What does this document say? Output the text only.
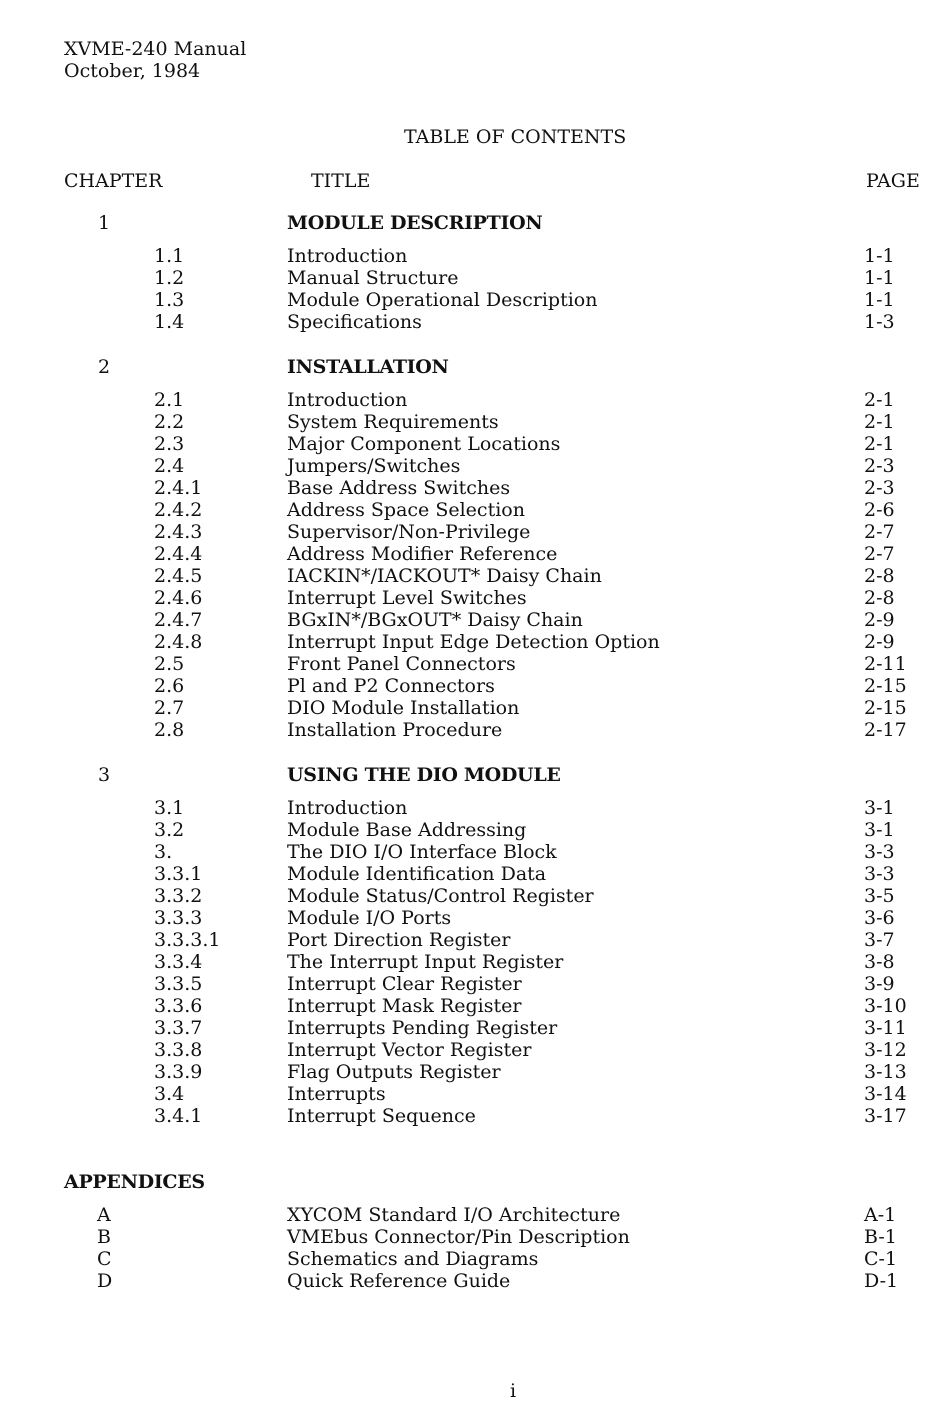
XVME-240 Manual
October, 1984
TABLE OF CONTENTS
CHAPTER	TITLE	PAGE
1	MODULE DESCRIPTION
1.1	Introduction	1-1
1.2	Manual Structure	1-1
1.3	Module Operational Description	1-1
1.4	Specifications	1-3
2	INSTALLATION
2.1	Introduction	2-1
2.2	System Requirements	2-1
2.3	Major Component Locations	2-1
2.4	Jumpers/Switches	2-3
2.4.1	Base Address Switches	2-3
2.4.2	Address Space Selection	2-6
2.4.3	Supervisor/Non-Privilege	2-7
2.4.4	Address Modifier Reference	2-7
2.4.5	IACKIN*/IACKOUT* Daisy Chain	2-8
2.4.6	Interrupt Level Switches	2-8
2.4.7	BGxIN*/BGxOUT* Daisy Chain	2-9
2.4.8	Interrupt Input Edge Detection Option	2-9
2.5	Front Panel Connectors	2-11
2.6	Pl and P2 Connectors	2-15
2.7	DIO Module Installation	2-15
2.8	Installation Procedure	2-17
3	USING THE DIO MODULE
3.1	Introduction	3-1
3.2	Module Base Addressing	3-1
3.	The DIO I/O Interface Block	3-3
3.3.1	Module Identification Data	3-3
3.3.2	Module Status/Control Register	3-5
3.3.3	Module I/O Ports	3-6
3.3.3.1	Port Direction Register	3-7
3.3.4	The Interrupt Input Register	3-8
3.3.5	Interrupt Clear Register	3-9
3.3.6	Interrupt Mask Register	3-10
3.3.7	Interrupts Pending Register	3-11
3.3.8	Interrupt Vector Register	3-12
3.3.9	Flag Outputs Register	3-13
3.4	Interrupts	3-14
3.4.1	Interrupt Sequence	3-17
APPENDICES
A	XYCOM Standard I/O Architecture	A-1
B	VMEbus Connector/Pin Description	B-1
C	Schematics and Diagrams	C-1
D	Quick Reference Guide	D-1
i
